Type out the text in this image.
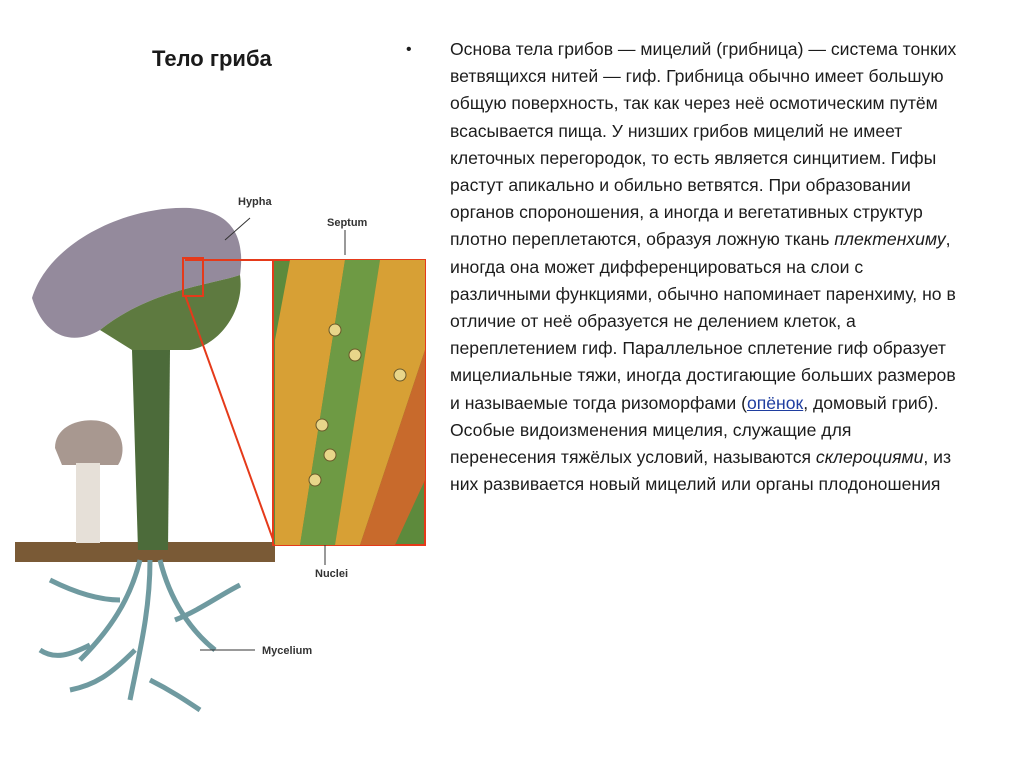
Тело гриба
Hypha
Septum
Nuclei
Mycelium
• Основа тела грибов — мицелий (грибница) — система тонких ветвящихся нитей — гиф. Грибница обычно имеет большую общую поверхность, так как через неё осмотическим путём всасывается пища. У низших грибов мицелий не имеет клеточных перегородок, то есть является синцитием. Гифы растут апикально и обильно ветвятся. При образовании органов спороношения, а иногда и вегетативных структур плотно переплетаются, образуя ложную ткань плектенхиму, иногда она может дифференцироваться на слои с различными функциями, обычно напоминает паренхиму, но в отличие от неё образуется не делением клеток, а переплетением гиф. Параллельное сплетение гиф образует мицелиальные тяжи, иногда достигающие больших размеров и называемые тогда ризоморфами (опёнок, домовый гриб). Особые видоизменения мицелия, служащие для перенесения тяжёлых условий, называются склероциями, из них развивается новый мицелий или органы плодоношения
